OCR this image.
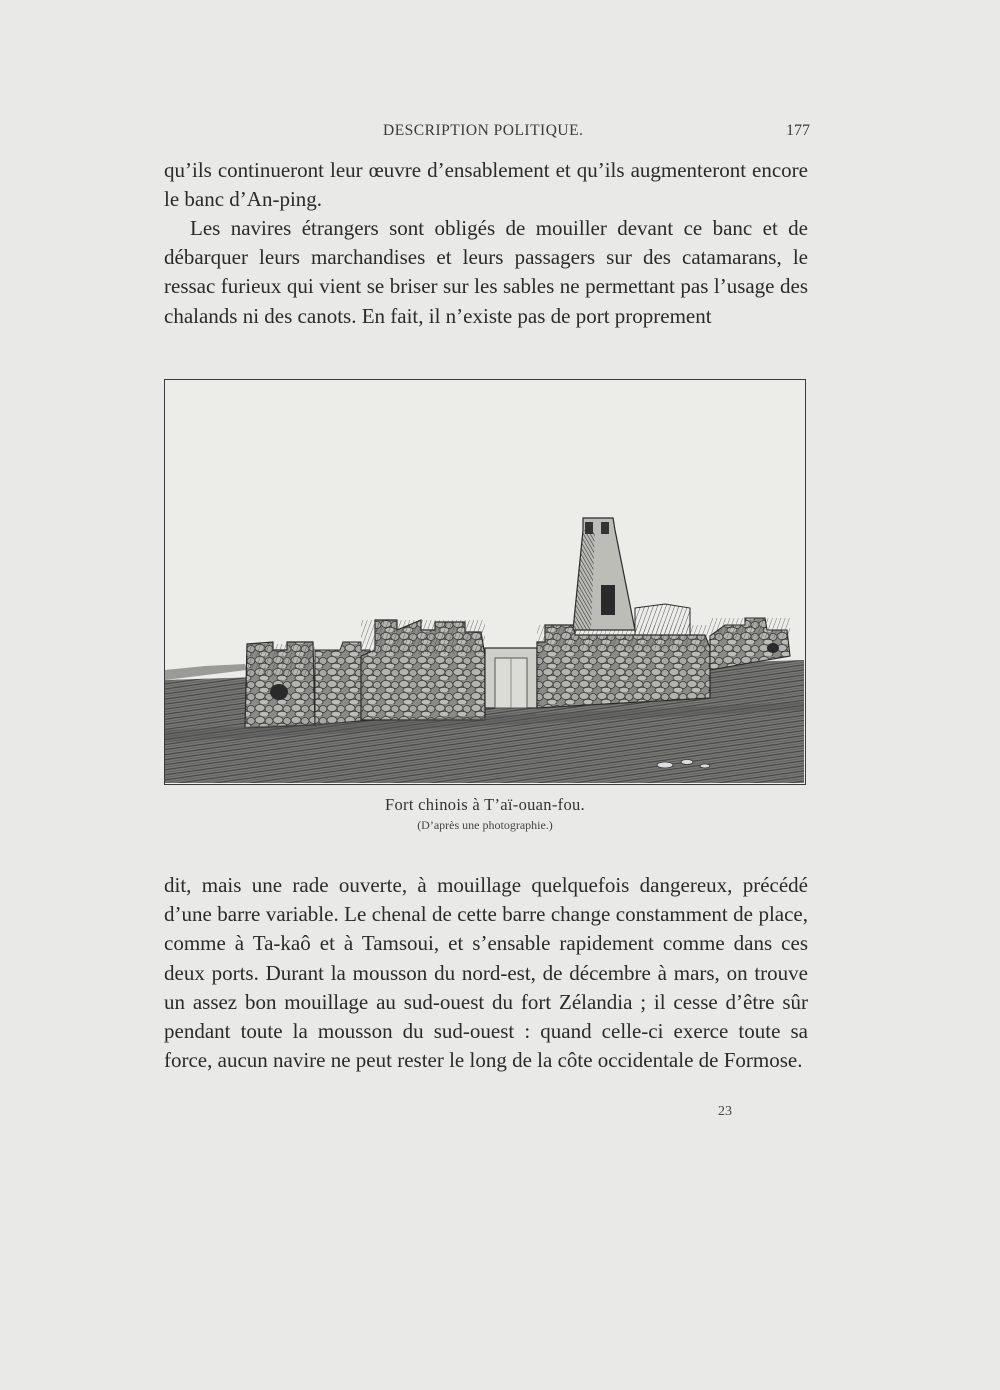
DESCRIPTION POLITIQUE.	177

qu’ils continueront leur œuvre d’ensablement et qu’ils augmenteront encore le banc d’An-ping.

Les navires étrangers sont obligés de mouiller devant ce banc et de débarquer leurs marchandises et leurs passagers sur des catamarans, le ressac furieux qui vient se briser sur les sables ne permettant pas l’usage des chalands ni des canots. En fait, il n’existe pas de port proprement

Fort chinois à T’aï-ouan-fou.
(D’après une photographie.)

dit, mais une rade ouverte, à mouillage quelquefois dangereux, précédé d’une barre variable. Le chenal de cette barre change constamment de place, comme à Ta-kaô et à Tamsoui, et s’ensable rapidement comme dans ces deux ports. Durant la mousson du nord-est, de décembre à mars, on trouve un assez bon mouillage au sud-ouest du fort Zélandia ; il cesse d’être sûr pendant toute la mousson du sud-ouest : quand celle-ci exerce toute sa force, aucun navire ne peut rester le long de la côte occidentale de Formose.

23
